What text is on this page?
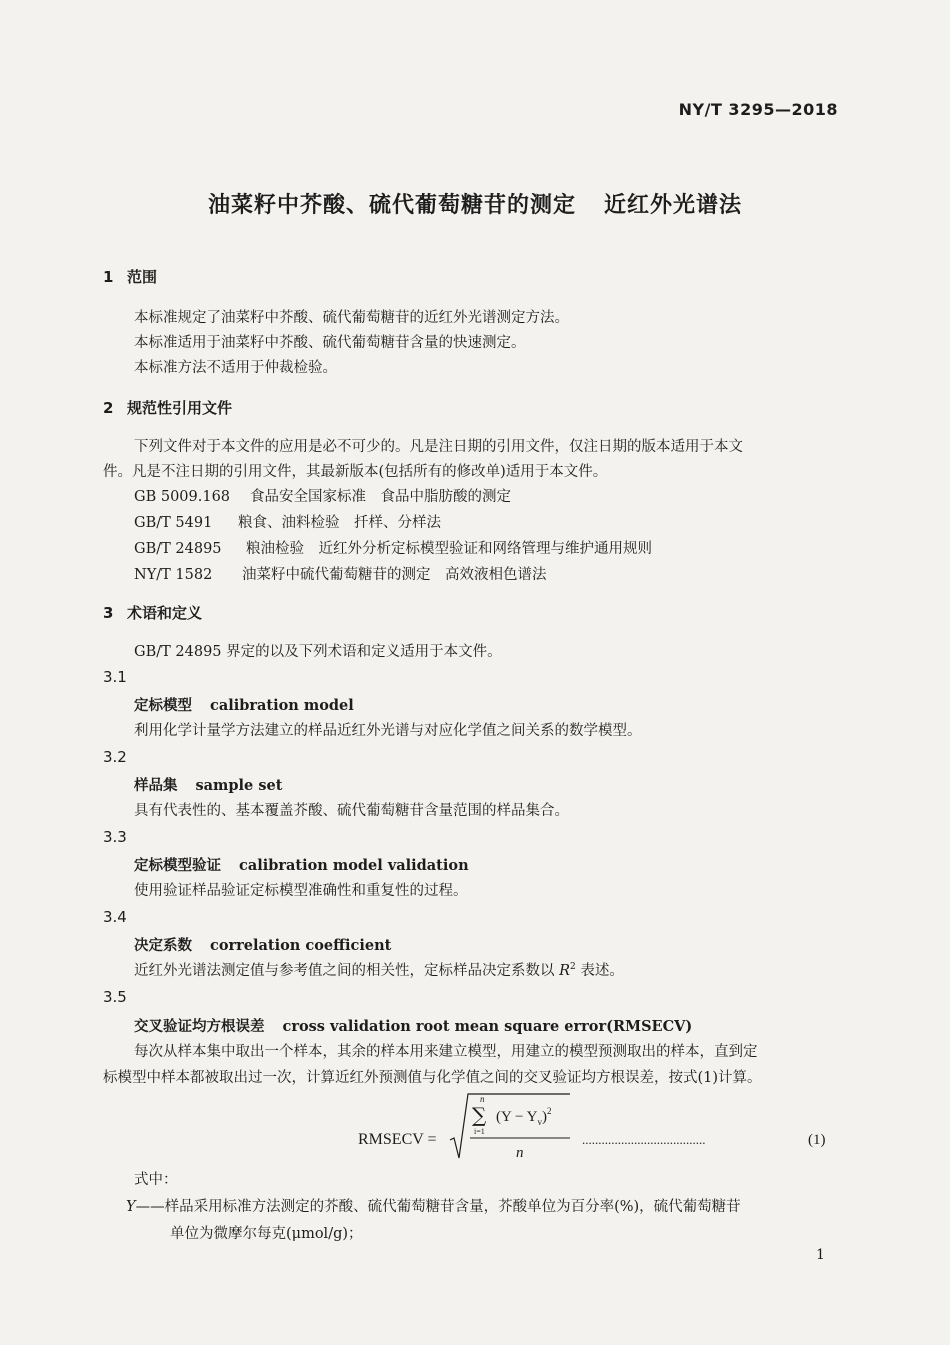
NY/T 3295—2018
油菜籽中芥酸、硫代葡萄糖苷的测定 近红外光谱法
1 范围
本标准规定了油菜籽中芥酸、硫代葡萄糖苷的近红外光谱测定方法。
本标准适用于油菜籽中芥酸、硫代葡萄糖苷含量的快速测定。
本标准方法不适用于仲裁检验。
2 规范性引用文件
下列文件对于本文件的应用是必不可少的。凡是注日期的引用文件，仅注日期的版本适用于本文
件。凡是不注日期的引用文件，其最新版本(包括所有的修改单)适用于本文件。
GB 5009.168 食品安全国家标准　食品中脂肪酸的测定
GB/T 5491 粮食、油料检验　扦样、分样法
GB/T 24895 粮油检验　近红外分析定标模型验证和网络管理与维护通用规则
NY/T 1582 油菜籽中硫代葡萄糖苷的测定　高效液相色谱法
3 术语和定义
GB/T 24895 界定的以及下列术语和定义适用于本文件。
3.1
定标模型 calibration model
利用化学计量学方法建立的样品近红外光谱与对应化学值之间关系的数学模型。
3.2
样品集 sample set
具有代表性的、基本覆盖芥酸、硫代葡萄糖苷含量范围的样品集合。
3.3
定标模型验证 calibration model validation
使用验证样品验证定标模型准确性和重复性的过程。
3.4
决定系数 correlation coefficient
近红外光谱法测定值与参考值之间的相关性，定标样品决定系数以 $R^2$ 表述。
3.5
交叉验证均方根误差 cross validation root mean square error(RMSECV)
每次从样本集中取出一个样本，其余的样本用来建立模型，用建立的模型预测取出的样本，直到定
标模型中样本都被取出过一次，计算近红外预测值与化学值之间的交叉验证均方根误差，按式(1)计算。
RMSECV =
n
∑
i=1
$(Y - Y_v)^2$
n
......................................	(1)
式中：
Y——样品采用标准方法测定的芥酸、硫代葡萄糖苷含量，芥酸单位为百分率(%)，硫代葡萄糖苷
单位为微摩尔每克(μmol/g)；
1
